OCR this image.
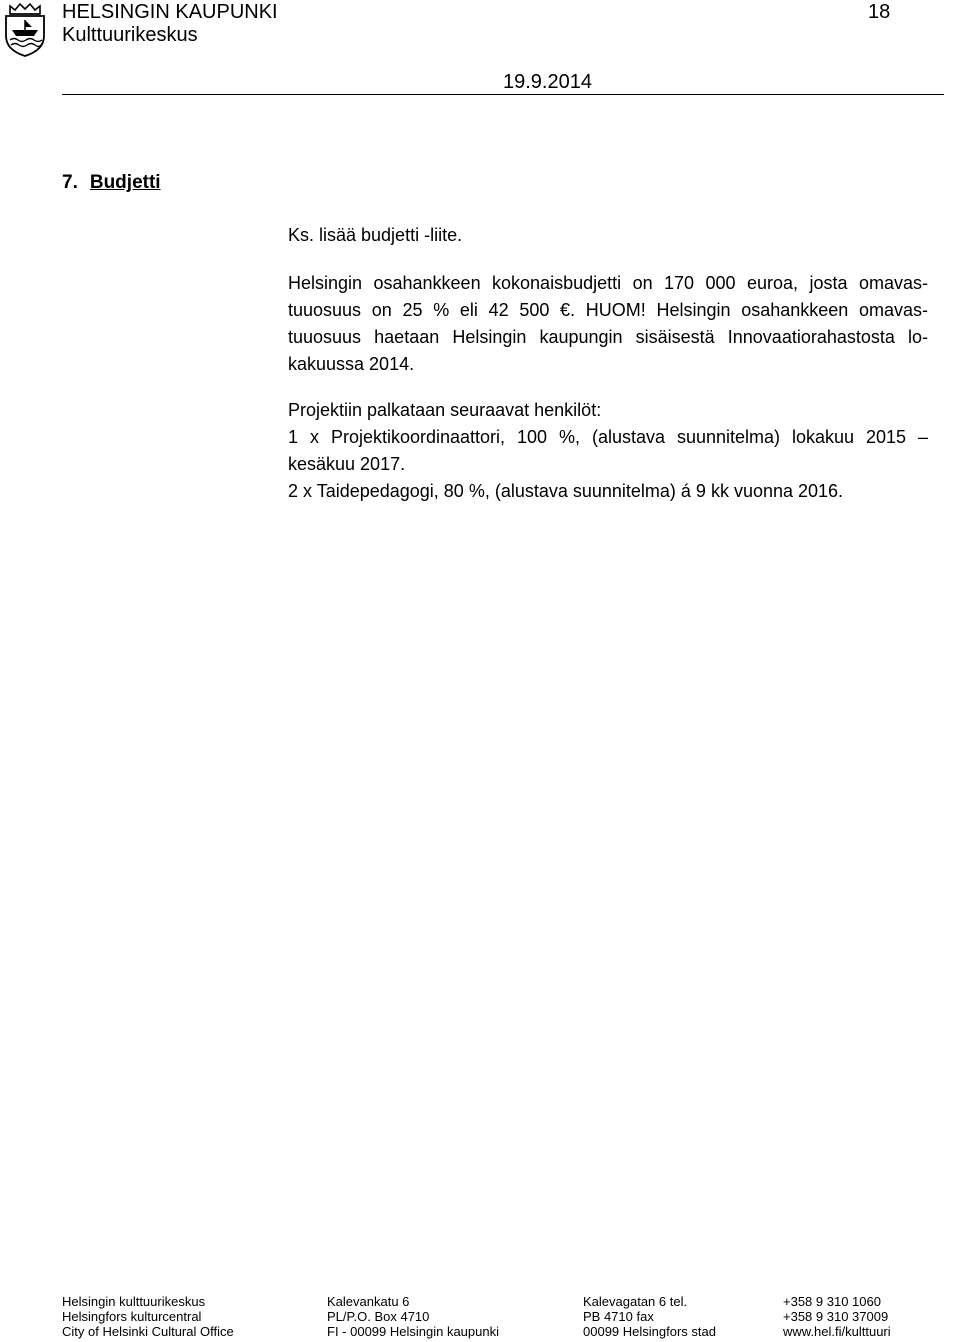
HELSINGIN KAUPUNKI
Kulttuurikeskus
18
19.9.2014
7. Budjetti
Ks. lisää budjetti -liite.
Helsingin osahankkeen kokonaisbudjetti on 170 000 euroa, josta omavas-
tuuosuus on 25 % eli 42 500 €. HUOM! Helsingin osahankkeen omavas-
tuuosuus haetaan Helsingin kaupungin sisäisestä Innovaatiorahastosta lo-
kakuussa 2014.
Projektiin palkataan seuraavat henkilöt:
1 x Projektikoordinaattori, 100 %, (alustava suunnitelma) lokakuu 2015 –
kesäkuu 2017.
2 x Taidepedagogi, 80 %, (alustava suunnitelma) á 9 kk vuonna 2016.
Helsingin kulttuurikeskus
Helsingfors kulturcentral
City of Helsinki Cultural Office
Kalevankatu 6
PL/P.O. Box 4710
FI - 00099 Helsingin kaupunki
Kalevagatan 6 tel.
PB 4710 fax
00099 Helsingfors stad
+358 9 310 1060
+358 9 310 37009
www.hel.fi/kulttuuri
